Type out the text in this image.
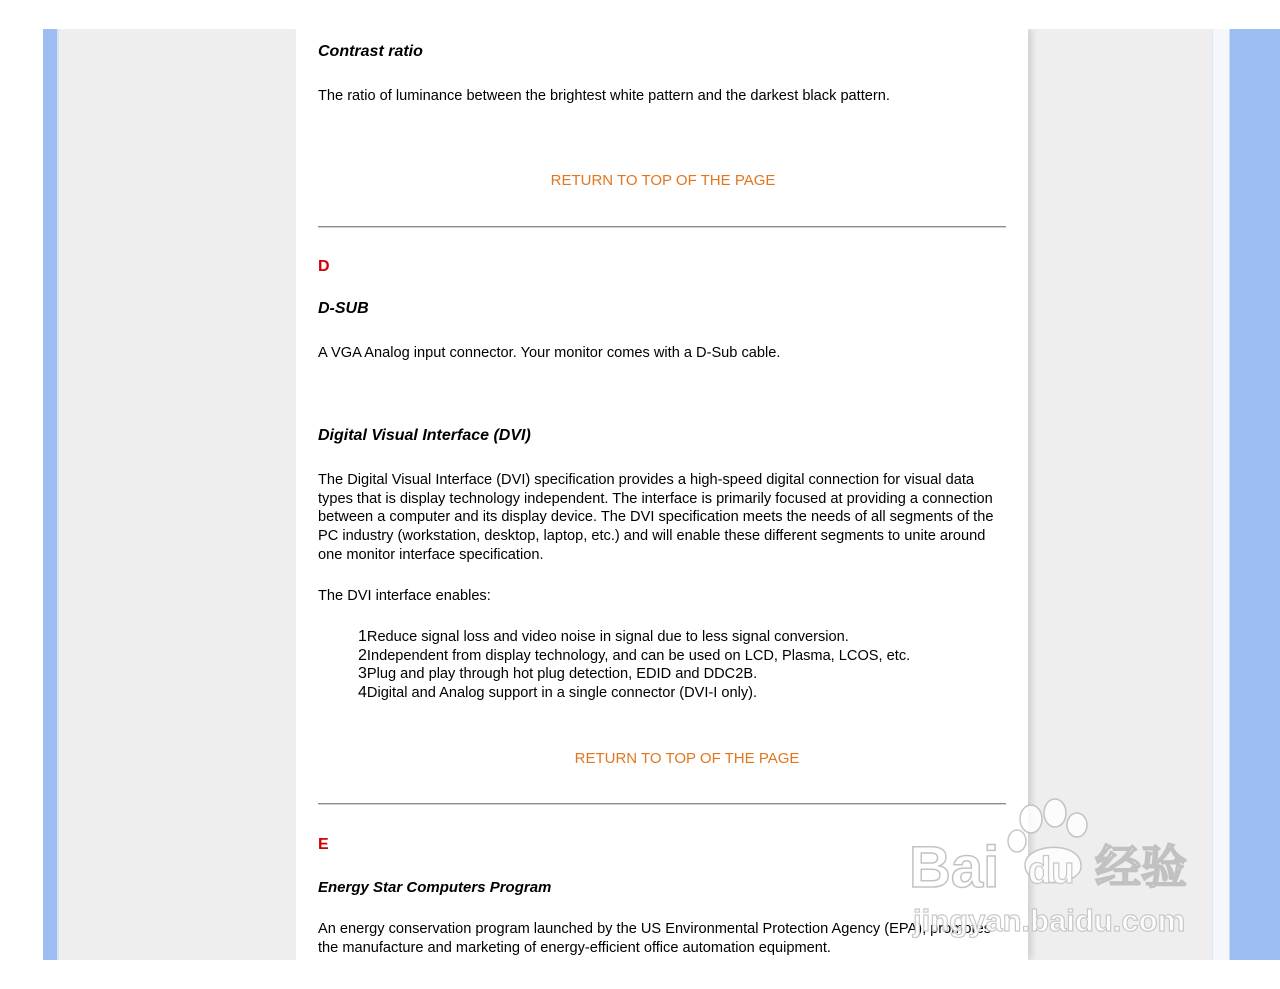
Contrast ratio

The ratio of luminance between the brightest white pattern and the darkest black pattern.

RETURN TO TOP OF THE PAGE

D

D-SUB

A VGA Analog input connector. Your monitor comes with a D-Sub cable.

Digital Visual Interface (DVI)

The Digital Visual Interface (DVI) specification provides a high-speed digital connection for visual data types that is display technology independent. The interface is primarily focused at providing a connection between a computer and its display device. The DVI specification meets the needs of all segments of the PC industry (workstation, desktop, laptop, etc.) and will enable these different segments to unite around one monitor interface specification.

The DVI interface enables:

1Reduce signal loss and video noise in signal due to less signal conversion.
2Independent from display technology, and can be used on LCD, Plasma, LCOS, etc.
3Plug and play through hot plug detection, EDID and DDC2B.
4Digital and Analog support in a single connector (DVI-I only).
RETURN TO TOP OF THE PAGE

E

Energy Star Computers Program

An energy conservation program launched by the US Environmental Protection Agency (EPA), promotes the manufacture and marketing of energy-efficient office automation equipment.

Bai du 经验
jingyan.baidu.com
